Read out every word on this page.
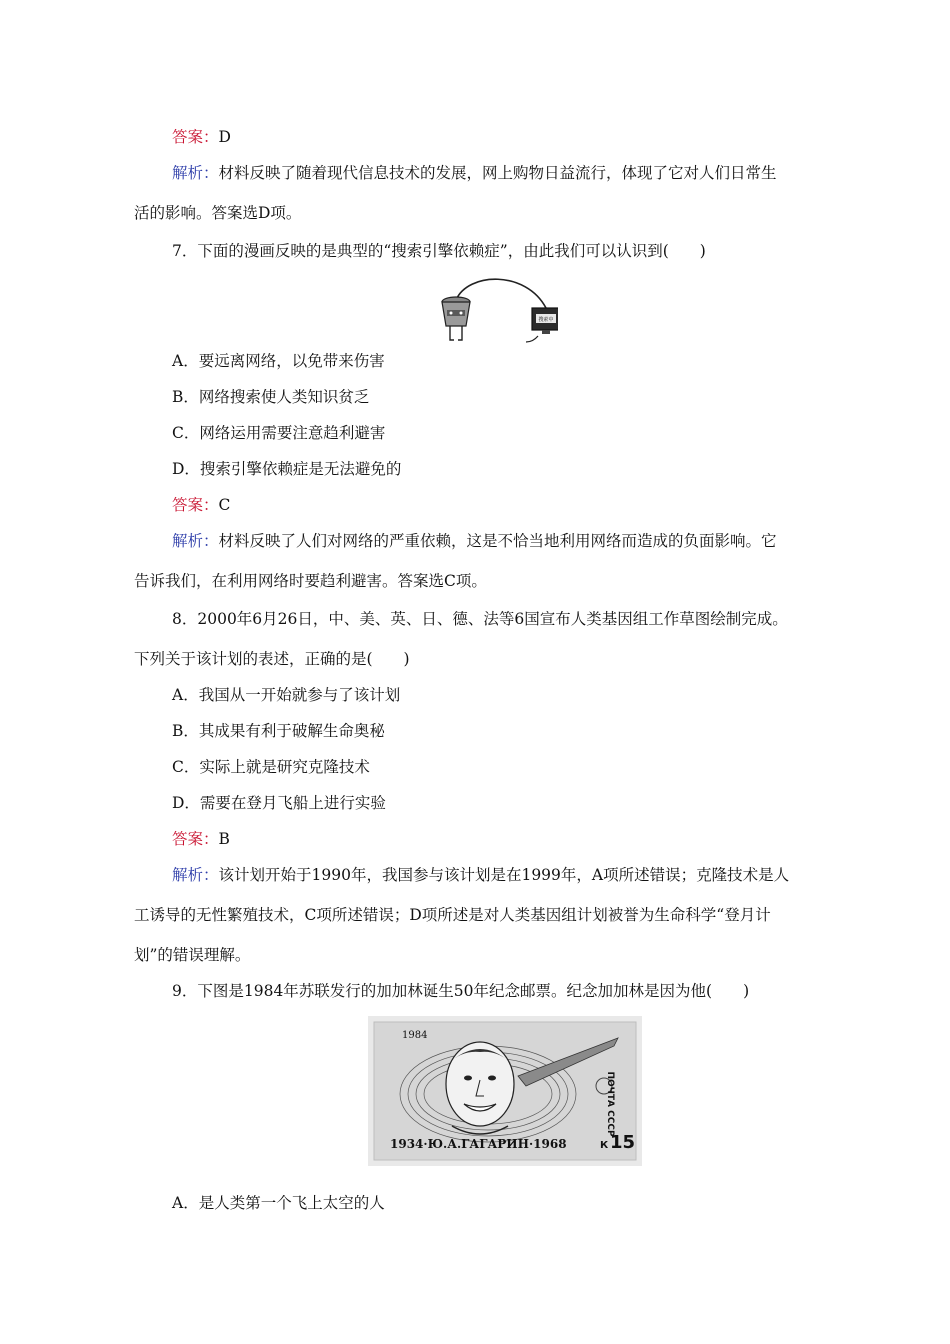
答案：D
解析：材料反映了随着现代信息技术的发展，网上购物日益流行，体现了它对人们日常生
活的影响。答案选D项。
7．下面的漫画反映的是典型的“搜索引擎依赖症”，由此我们可以认识到(　　)
搜索中
A．要远离网络，以免带来伤害
B．网络搜索使人类知识贫乏
C．网络运用需要注意趋利避害
D．搜索引擎依赖症是无法避免的
答案：C
解析：材料反映了人们对网络的严重依赖，这是不恰当地利用网络而造成的负面影响。它
告诉我们，在利用网络时要趋利避害。答案选C项。
8．2000年6月26日，中、美、英、日、德、法等6国宣布人类基因组工作草图绘制完成。
下列关于该计划的表述，正确的是(　　)
A．我国从一开始就参与了该计划
B．其成果有利于破解生命奥秘
C．实际上就是研究克隆技术
D．需要在登月飞船上进行实验
答案：B
解析：该计划开始于1990年，我国参与该计划是在1999年，A项所述错误；克隆技术是人
工诱导的无性繁殖技术，C项所述错误；D项所述是对人类基因组计划被誉为生命科学“登月计
划”的错误理解。
9．下图是1984年苏联发行的加加林诞生50年纪念邮票。纪念加加林是因为他(　　)
1984
1934·Ю.А.ГАГАРИН·1968
ПОЧТА СССР
К 15
A．是人类第一个飞上太空的人
